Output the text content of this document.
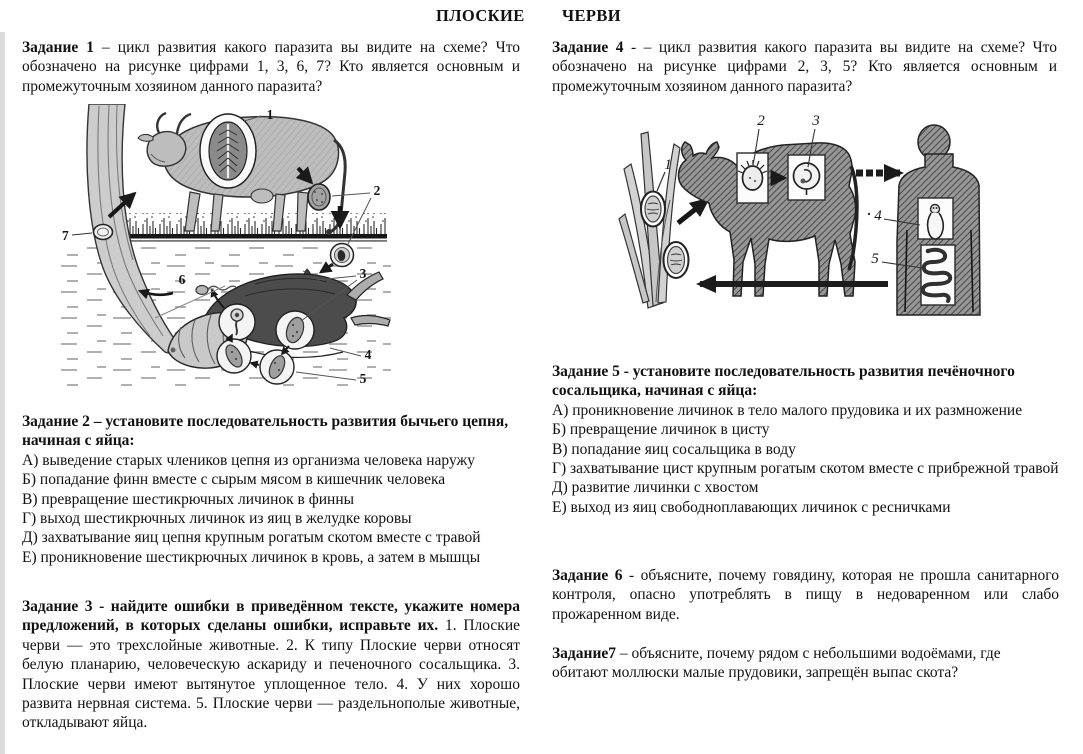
ПЛОСКИЕ ЧЕРВИ

Задание 1 – цикл развития какого паразита вы видите на схеме? Что обозначено на рисунке цифрами 1, 3, 6, 7? Кто является основным и промежуточным хозяином данного паразита?

1
2
3
4
5
6
7

Задание 2 – установите последовательность развития бычьего цепня, начиная с яйца:

А) выведение старых члеников цепня из организма человека наружу
Б) попадание финн вместе с сырым мясом в кишечник человека
В) превращение шестикрючных личинок в финны
Г) выход шестикрючных личинок из яиц в желудке коровы
Д) захватывание яиц цепня крупным рогатым скотом вместе с травой
Е) проникновение шестикрючных личинок в кровь, а затем в мышцы

Задание 3 - найдите ошибки в приведённом тексте, укажите номера предложений, в которых сделаны ошибки, исправьте их. 1. Плоские черви — это трехслойные животные. 2. К типу Плоские черви относят белую планарию, человеческую аскариду и печеночного сосальщика. 3. Плоские черви имеют вытянутое уплощенное тело. 4. У них хорошо развита нервная система. 5. Плоские черви — раздельнополые животные, откладывают яйца.

Задание 4 - – цикл развития какого паразита вы видите на схеме? Что обозначено на рисунке цифрами 2, 3, 5? Кто является основным и промежуточным хозяином данного паразита?

1
2	3
4
5

Задание 5 - установите последовательность развития печёночного сосальщика, начиная с яйца:

А) проникновение личинок в тело малого прудовика и их размножение
Б) превращение личинок в цисту
В) попадание яиц сосальщика в воду
Г) захватывание цист крупным рогатым скотом вместе с прибрежной травой
Д) развитие личинки с хвостом
Е) выход из яиц свободноплавающих личинок с ресничками

Задание 6 - объясните, почему говядину, которая не прошла санитарного контроля, опасно употреблять в пищу в недоваренном или слабо прожаренном виде.

Задание7 – объясните, почему рядом с небольшими водоёмами, где обитают моллюски малые прудовики, запрещён выпас скота?
